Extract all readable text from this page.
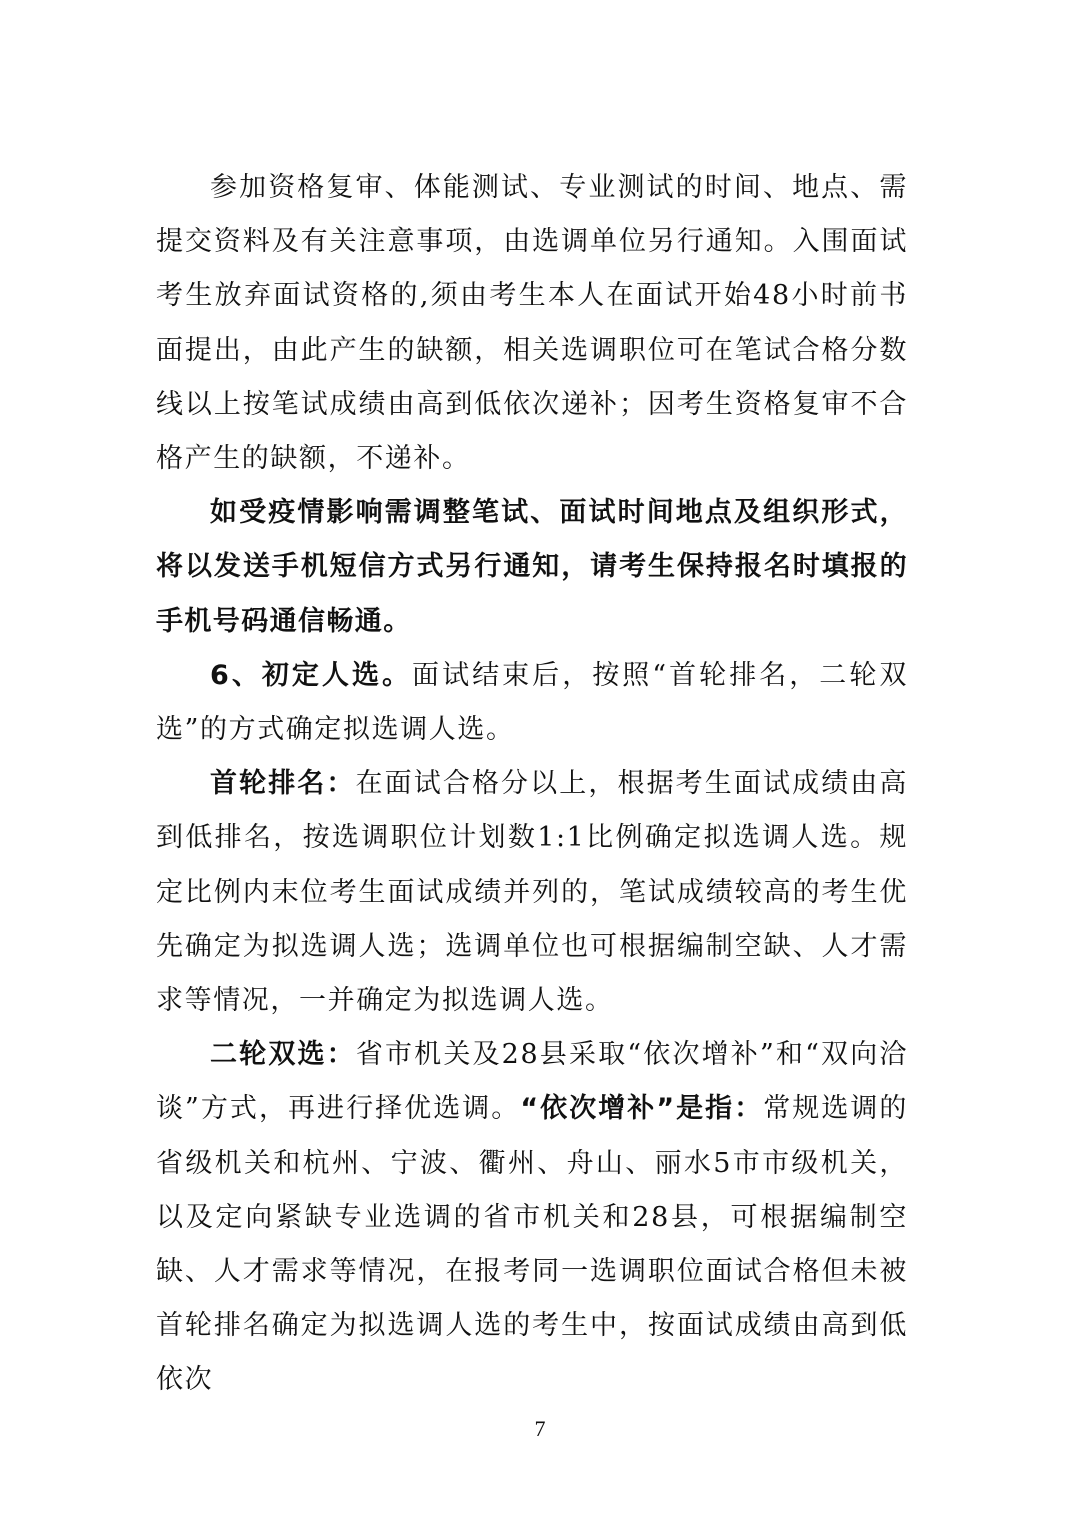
参加资格复审、体能测试、专业测试的时间、地点、需提交资料及有关注意事项，由选调单位另行通知。入围面试考生放弃面试资格的,须由考生本人在面试开始48小时前书面提出，由此产生的缺额，相关选调职位可在笔试合格分数线以上按笔试成绩由高到低依次递补；因考生资格复审不合格产生的缺额，不递补。

如受疫情影响需调整笔试、面试时间地点及组织形式，将以发送手机短信方式另行通知，请考生保持报名时填报的手机号码通信畅通。

6、初定人选。面试结束后，按照“首轮排名，二轮双选”的方式确定拟选调人选。

首轮排名：在面试合格分以上，根据考生面试成绩由高到低排名，按选调职位计划数1:1比例确定拟选调人选。规定比例内末位考生面试成绩并列的，笔试成绩较高的考生优先确定为拟选调人选；选调单位也可根据编制空缺、人才需求等情况，一并确定为拟选调人选。

二轮双选：省市机关及28县采取“依次增补”和“双向洽谈”方式，再进行择优选调。“依次增补”是指：常规选调的省级机关和杭州、宁波、衢州、舟山、丽水5市市级机关，以及定向紧缺专业选调的省市机关和28县，可根据编制空缺、人才需求等情况，在报考同一选调职位面试合格但未被首轮排名确定为拟选调人选的考生中，按面试成绩由高到低依次

7
